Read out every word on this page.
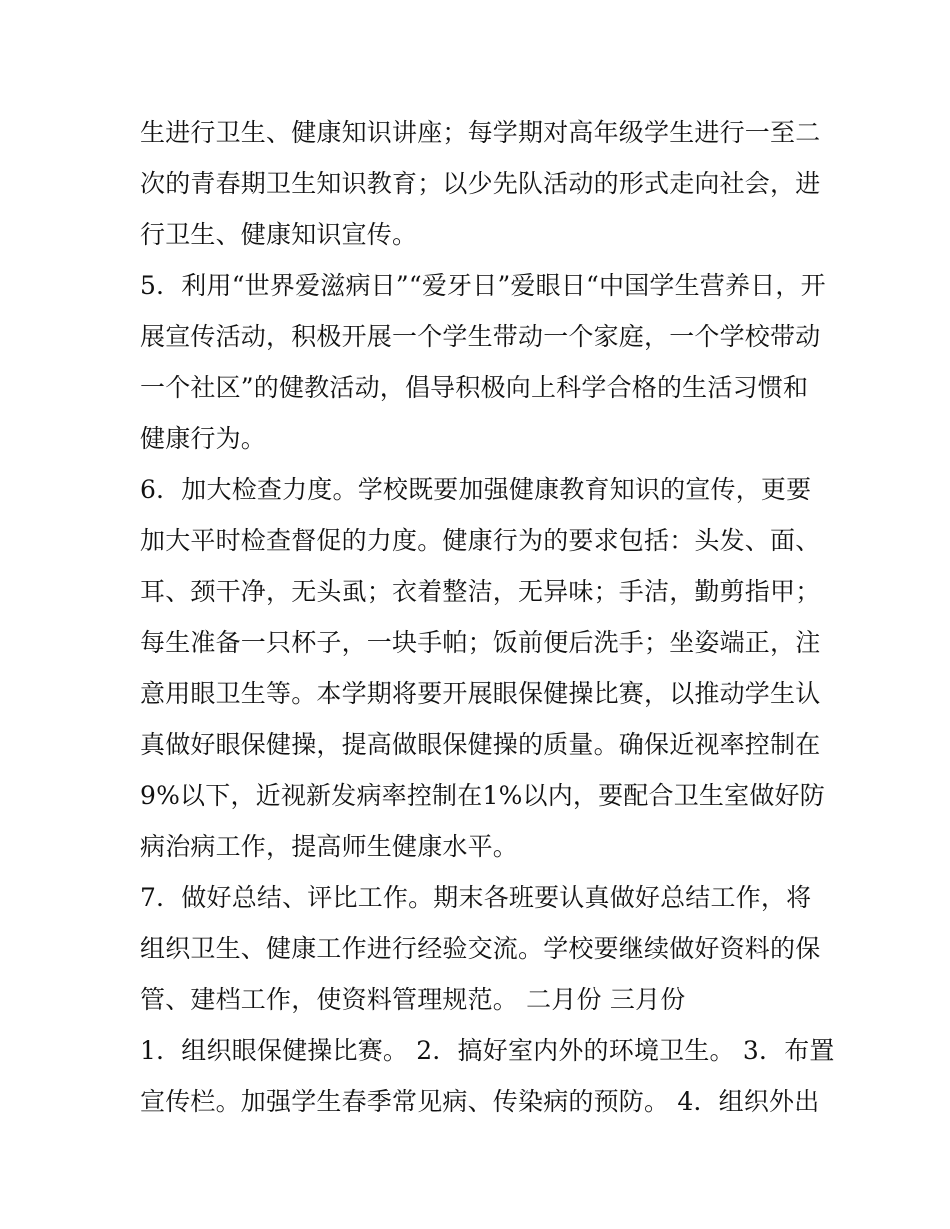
生进行卫生、健康知识讲座；每学期对高年级学生进行一至二
次的青春期卫生知识教育；以少先队活动的形式走向社会，进
行卫生、健康知识宣传。
5．利用“世界爱滋病日”“爱牙日”爱眼日“中国学生营养日，开
展宣传活动，积极开展一个学生带动一个家庭，一个学校带动
一个社区”的健教活动，倡导积极向上科学合格的生活习惯和
健康行为。
6．加大检查力度。学校既要加强健康教育知识的宣传，更要
加大平时检查督促的力度。健康行为的要求包括：头发、面、
耳、颈干净，无头虱；衣着整洁，无异味；手洁，勤剪指甲；
每生准备一只杯子，一块手帕；饭前便后洗手；坐姿端正，注
意用眼卫生等。本学期将要开展眼保健操比赛，以推动学生认
真做好眼保健操，提高做眼保健操的质量。确保近视率控制在
9%以下，近视新发病率控制在1%以内，要配合卫生室做好防
病治病工作，提高师生健康水平。
7．做好总结、评比工作。期末各班要认真做好总结工作，将
组织卫生、健康工作进行经验交流。学校要继续做好资料的保
管、建档工作，使资料管理规范。 二月份 三月份
1．组织眼保健操比赛。 2．搞好室内外的环境卫生。 3．布置
宣传栏。加强学生春季常见病、传染病的预防。 4．组织外出
